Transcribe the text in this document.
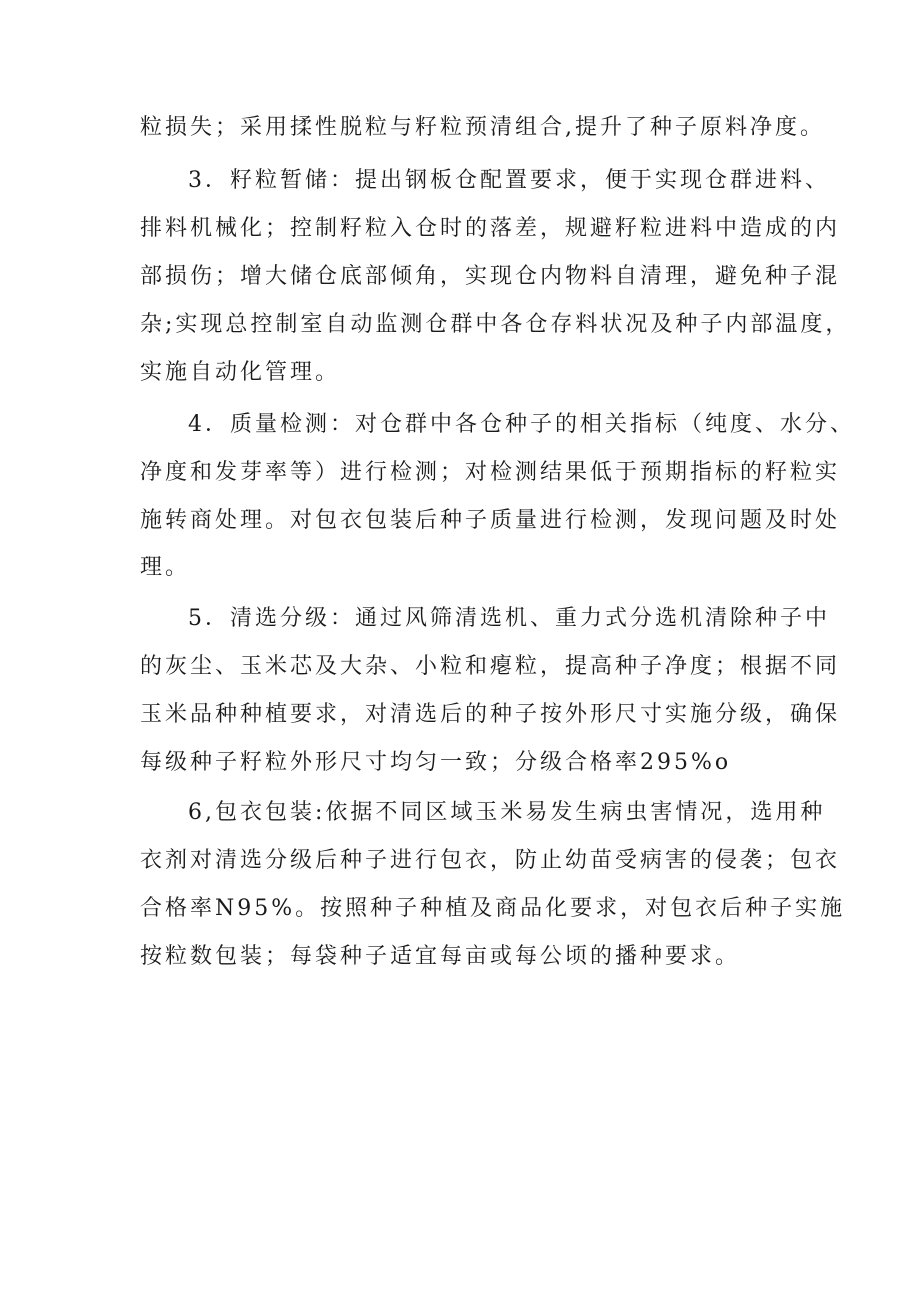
粒损失；采用揉性脱粒与籽粒预清组合,提升了种子原料净度。
3．籽粒暂储：提出钢板仓配置要求，便于实现仓群进料、
排料机械化；控制籽粒入仓时的落差，规避籽粒进料中造成的内
部损伤；增大储仓底部倾角，实现仓内物料自清理，避免种子混
杂;实现总控制室自动监测仓群中各仓存料状况及种子内部温度，
实施自动化管理。
4．质量检测：对仓群中各仓种子的相关指标（纯度、水分、
净度和发芽率等）进行检测；对检测结果低于预期指标的籽粒实
施转商处理。对包衣包装后种子质量进行检测，发现问题及时处
理。
5．清选分级：通过风筛清选机、重力式分选机清除种子中
的灰尘、玉米芯及大杂、小粒和瘪粒，提高种子净度；根据不同
玉米品种种植要求，对清选后的种子按外形尺寸实施分级，确保
每级种子籽粒外形尺寸均匀一致；分级合格率295%o
6,包衣包装:依据不同区域玉米易发生病虫害情况，选用种
衣剂对清选分级后种子进行包衣，防止幼苗受病害的侵袭；包衣
合格率N95%。按照种子种植及商品化要求，对包衣后种子实施
按粒数包装；每袋种子适宜每亩或每公顷的播种要求。
